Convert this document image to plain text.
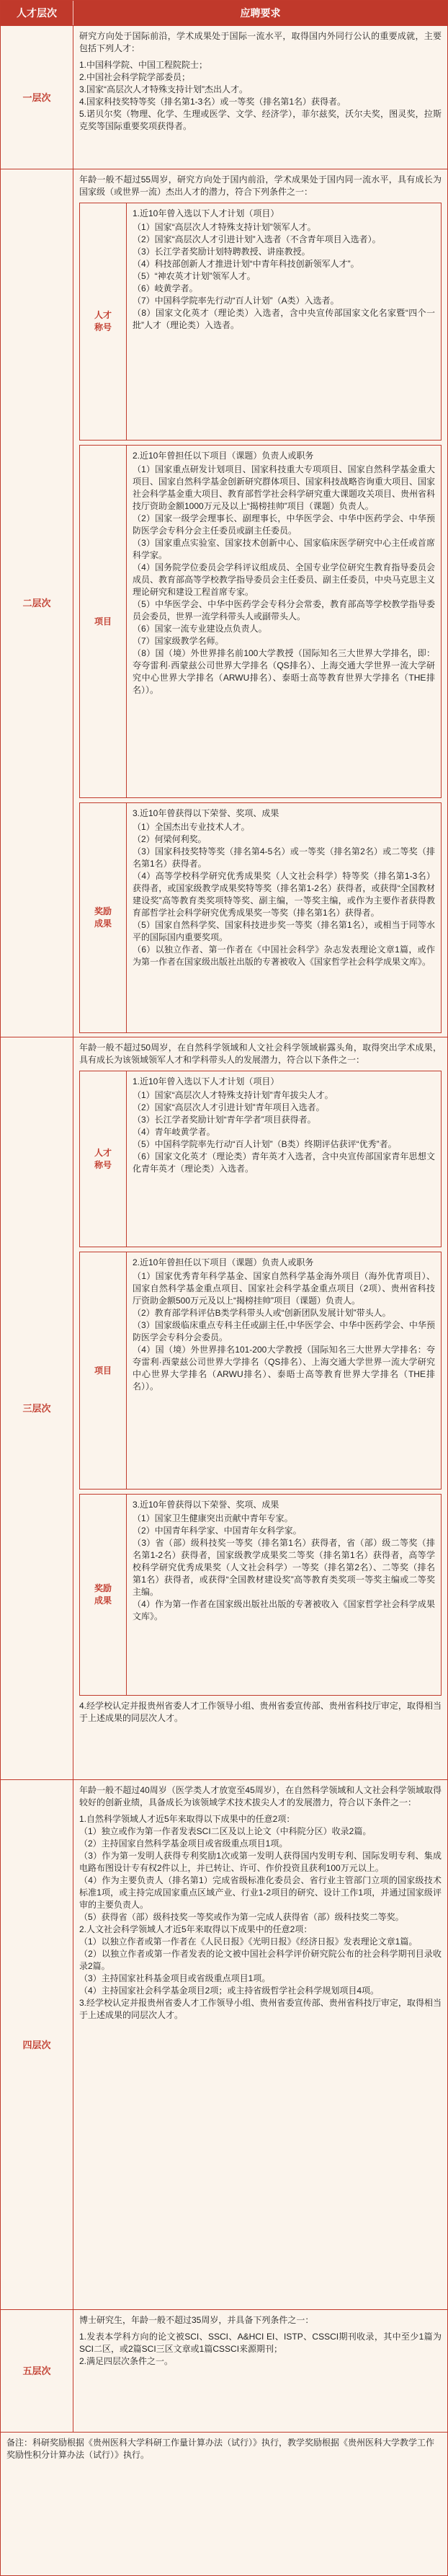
人才层次	应聘要求
一层次
研究方向处于国际前沿，学术成果处于国际一流水平，取得国内外同行公认的重要成就，主要包括下列人才：

1.中国科学院、中国工程院院士；

2.中国社会科学院学部委员；

3.国家“高层次人才特殊支持计划”杰出人才。

4.国家科技奖特等奖（排名第1-3名）或一等奖（排名第1名）获得者。

5.诺贝尔奖（物理、化学、生理或医学、文学、经济学），菲尔兹奖，沃尔夫奖，图灵奖，拉斯克奖等国际重要奖项获得者。

二层次
年龄一般不超过55周岁，研究方向处于国内前沿，学术成果处于国内同一流水平，具有成长为国家级（或世界一流）杰出人才的潜力，符合下列条件之一：
人才
称号
1.近10年曾入选以下人才计划（项目）

（1）国家“高层次人才特殊支持计划”领军人才。

（2）国家“高层次人才引进计划”入选者（不含青年项目入选者）。

（3）长江学者奖励计划特聘教授、讲座教授。

（4）科技部创新人才推进计划“中青年科技创新领军人才”。

（5）“神农英才计划”领军人才。

（6）岐黄学者。

（7）中国科学院率先行动“百人计划”（A类）入选者。

（8）国家文化英才（理论类）入选者，含中央宣传部国家文化名家暨“四个一批”人才（理论类）入选者。

项目
2.近10年曾担任以下项目（课题）负责人或职务

（1）国家重点研发计划项目、国家科技重大专项项目、国家自然科学基金重大项目、国家自然科学基金创新研究群体项目、国家科技战略咨询重大项目、国家社会科学基金重大项目、教育部哲学社会科学研究重大课题攻关项目、贵州省科技厅资助金额1000万元及以上“揭榜挂帅”项目（课题）负责人。

（2）国家一级学会理事长、副理事长，中华医学会、中华中医药学会、中华预防医学会专科分会主任委员或副主任委员。

（3）国家重点实验室、国家技术创新中心、国家临床医学研究中心主任或首席科学家。

（4）国务院学位委员会学科评议组成员、全国专业学位研究生教育指导委员会成员、教育部高等学校教学指导委员会主任委员、副主任委员，中央马克思主义理论研究和建设工程首席专家。

（5）中华医学会、中华中医药学会专科分会常委，教育部高等学校教学指导委员会委员，世界一流学科带头人或副带头人。

（6）国家一流专业建设点负责人。

（7）国家级教学名师。

（8）国（境）外世界排名前100大学教授（国际知名三大世界大学排名，即：夸夸雷利·西蒙兹公司世界大学排名（QS排名）、上海交通大学世界一流大学研究中心世界大学排名（ARWU排名）、泰晤士高等教育世界大学排名（THE排名））。

奖励
成果
3.近10年曾获得以下荣誉、奖项、成果

（1）全国杰出专业技术人才。

（2）何梁何利奖。

（3）国家科技奖特等奖（排名第4-5名）或一等奖（排名第2名）或二等奖（排名第1名）获得者。

（4）高等学校科学研究优秀成果奖（人文社会科学）特等奖（排名第1-3名）获得者，或国家级教学成果奖特等奖（排名第1-2名）获得者，或获得“全国教材建设奖”高等教育类奖项特等奖、副主编，一等奖主编，或作为主要作者获得教育部哲学社会科学研究优秀成果奖一等奖（排名第1名）获得者。

（5）国家自然科学奖、国家科技进步奖一等奖（排名第1名），或相当于同等水平的国际国内重要奖项。

（6）以独立作者、第一作者在《中国社会科学》杂志发表理论文章1篇，或作为第一作者在国家级出版社出版的专著被收入《国家哲学社会科学成果文库》。

三层次
年龄一般不超过50周岁，在自然科学领域和人文社会科学领域崭露头角，取得突出学术成果，具有成长为该领域领军人才和学科带头人的发展潜力，符合以下条件之一：
人才
称号
1.近10年曾入选以下人才计划（项目）

（1）国家“高层次人才特殊支持计划”青年拔尖人才。

（2）国家“高层次人才引进计划”青年项目入选者。

（3）长江学者奖励计划“青年学者”项目获得者。

（4）青年岐黄学者。

（5）中国科学院率先行动“百人计划”（B类）终期评估获评“优秀”者。

（6）国家文化英才（理论类）青年英才入选者，含中央宣传部国家青年思想文化青年英才（理论类）入选者。

项目
2.近10年曾担任以下项目（课题）负责人或职务

（1）国家优秀青年科学基金、国家自然科学基金海外项目（海外优青项目）、国家自然科学基金重点项目、国家社会科学基金重点项目（2项）、贵州省科技厅资助金额500万元及以上“揭榜挂帅”项目（课题）负责人。

（2）教育部学科评估B类学科带头人或“创新团队发展计划”带头人。

（3）国家级临床重点专科主任或副主任,中华医学会、中华中医药学会、中华预防医学会专科分会委员。

（4）国（境）外世界排名101-200大学教授（国际知名三大世界大学排名：夸夸雷利·西蒙兹公司世界大学排名（QS排名）、上海交通大学世界一流大学研究中心世界大学排名（ARWU排名）、泰晤士高等教育世界大学排名（THE排名））。

奖励
成果
3.近10年曾获得以下荣誉、奖项、成果

（1）国家卫生健康突出贡献中青年专家。

（2）中国青年科学家、中国青年女科学家。

（3）省（部）级科技奖一等奖（排名第1名）获得者，省（部）级二等奖（排名第1-2名）获得者，国家级教学成果奖二等奖（排名第1名）获得者，高等学校科学研究优秀成果奖（人文社会科学）一等奖（排名第2名）、二等奖（排名第1名）获得者，或获得“全国教材建设奖”高等教育类奖项一等奖主编或二等奖主编。

（4）作为第一作者在国家级出版社出版的专著被收入《国家哲学社会科学成果文库》。

4.经学校认定并报贵州省委人才工作领导小组、贵州省委宣传部、贵州省科技厅审定，取得相当于上述成果的同层次人才。

四层次
年龄一般不超过40周岁（医学类人才放宽至45周岁），在自然科学领域和人文社会科学领域取得较好的创新业绩，具备成长为该领域学术技术拔尖人才的发展潜力，符合以下条件之一：

1.自然科学领域人才近5年来取得以下成果中的任意2项：

（1）独立或作为第一作者发表SCI二区及以上论文（中科院分区）收录2篇。

（2）主持国家自然科学基金项目或省级重点项目1项。

（3）作为第一发明人获得专利奖励1次或第一发明人获得国内发明专利、国际发明专利、集成电路布图设计专有权2件以上，并已转让、许可、作价投资且获利100万元以上。

（4）作为主要负责人（排名第1）完成省级标准化委员会、省行业主管部门立项的国家级技术标准1项，或主持完成国家重点区域产业、行业1-2项目的研究、设计工作1项，并通过国家级评审的主要负责人。

（5）获得省（部）级科技奖一等奖或作为第一完成人获得省（部）级科技奖二等奖。

2.人文社会科学领域人才近5年来取得以下成果中的任意2项：

（1）以独立作者或第一作者在《人民日报》《光明日报》《经济日报》发表理论文章1篇。

（2）以独立作者或第一作者发表的论文被中国社会科学评价研究院公布的社会科学期刊目录收录2篇。

（3）主持国家社科基金项目或省级重点项目1项。

（4）主持国家社会科学基金项目2项；或主持省级哲学社会科学规划项目4项。

3.经学校认定并报贵州省委人才工作领导小组、贵州省委宣传部、贵州省科技厅审定，取得相当于上述成果的同层次人才。

五层次
博士研究生，年龄一般不超过35周岁，并具备下列条件之一：

1.发表本学科方向的论文被SCI、SSCI、A&HCI EI、ISTP、CSSCI期刊收录，其中至少1篇为SCI二区，或2篇SCI三区文章或1篇CSSCI来源期刊；

2.满足四层次条件之一。

备注：科研奖励根据《贵州医科大学科研工作量计算办法（试行）》执行，教学奖励根据《贵州医科大学教学工作奖励性积分计算办法（试行）》执行。
